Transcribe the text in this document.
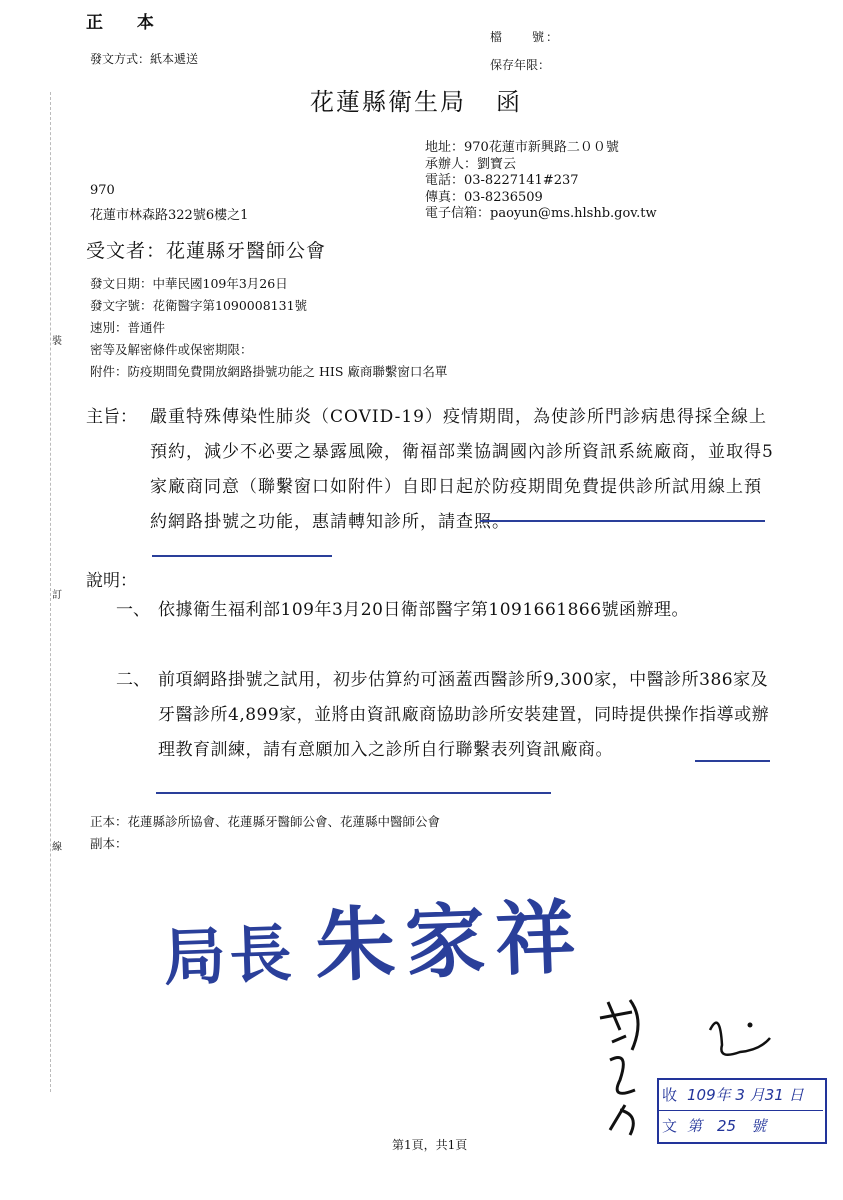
正 本
發文方式：紙本遞送
檔　　號：
保存年限：
花蓮縣衛生局 函
地址：970花蓮市新興路二００號
承辦人：劉寶云
電話：03-8227141#237
傳真：03-8236509
電子信箱：paoyun@ms.hlshb.gov.tw
970
花蓮市林森路322號6樓之1
受文者：花蓮縣牙醫師公會
發文日期：中華民國109年3月26日
發文字號：花衛醫字第1090008131號
速別：普通件
密等及解密條件或保密期限：
附件：防疫期間免費開放網路掛號功能之 HIS 廠商聯繫窗口名單
主旨： 嚴重特殊傳染性肺炎（COVID-19）疫情期間，為使診所門診病患得採全線上預約，減少不必要之暴露風險，衛福部業協調國內診所資訊系統廠商，並取得5家廠商同意（聯繫窗口如附件）自即日起於防疫期間免費提供診所試用線上預約網路掛號之功能，惠請轉知診所，請查照。
說明：
一、 依據衛生福利部109年3月20日衛部醫字第1091661866號函辦理。
二、 前項網路掛號之試用，初步估算約可涵蓋西醫診所9,300家，中醫診所386家及牙醫診所4,899家，並將由資訊廠商協助診所安裝建置，同時提供操作指導或辦理教育訓練，請有意願加入之診所自行聯繫表列資訊廠商。
正本：花蓮縣診所協會、花蓮縣牙醫師公會、花蓮縣中醫師公會
副本：
裝
訂
線
局長 朱家祥
收 109年 3 月31 日
文 第　25　號
第1頁，共1頁
